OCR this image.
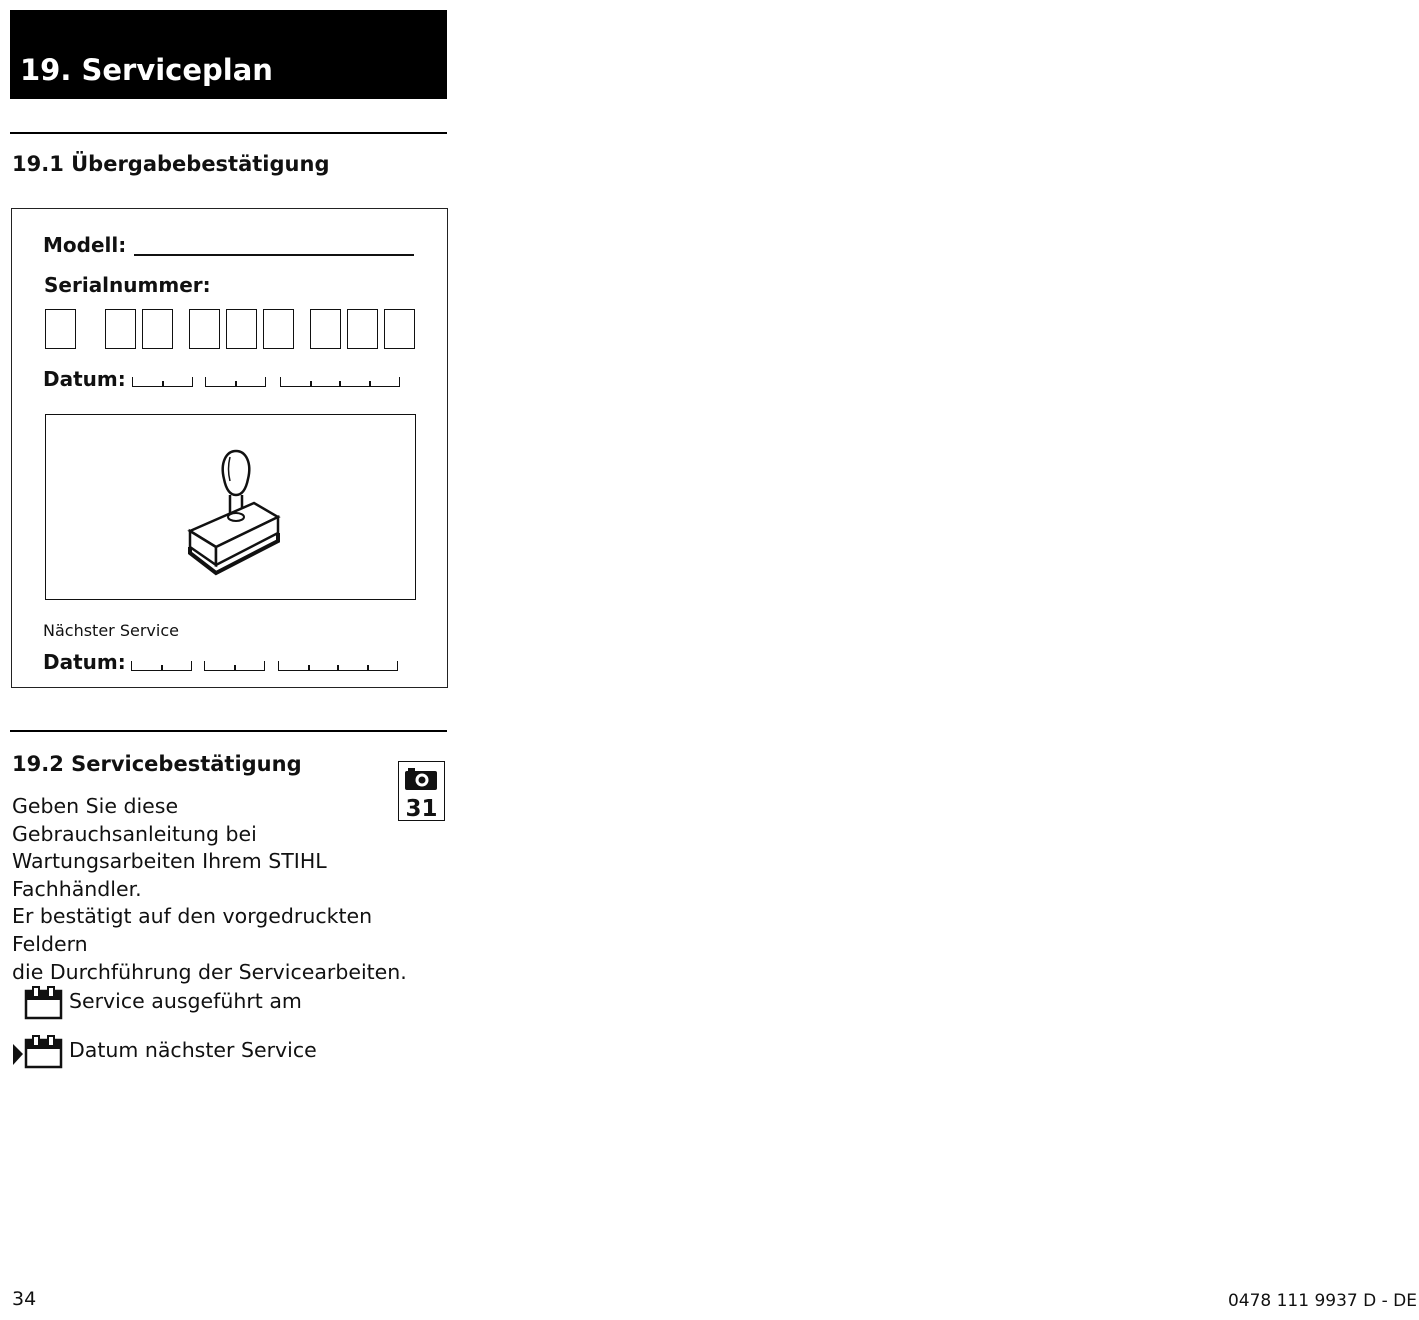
19. Serviceplan
19.1 Übergabebestätigung
Modell:
Serialnummer:
Datum:
Nächster Service
Datum:
19.2 Servicebestätigung
31

Geben Sie diese
Gebrauchsanleitung bei
Wartungsarbeiten Ihrem STIHL
Fachhändler.
Er bestätigt auf den vorgedruckten Feldern
die Durchführung der Servicearbeiten.

Service ausgeführt am
Datum nächster Service
34	0478 111 9937 D - DE
